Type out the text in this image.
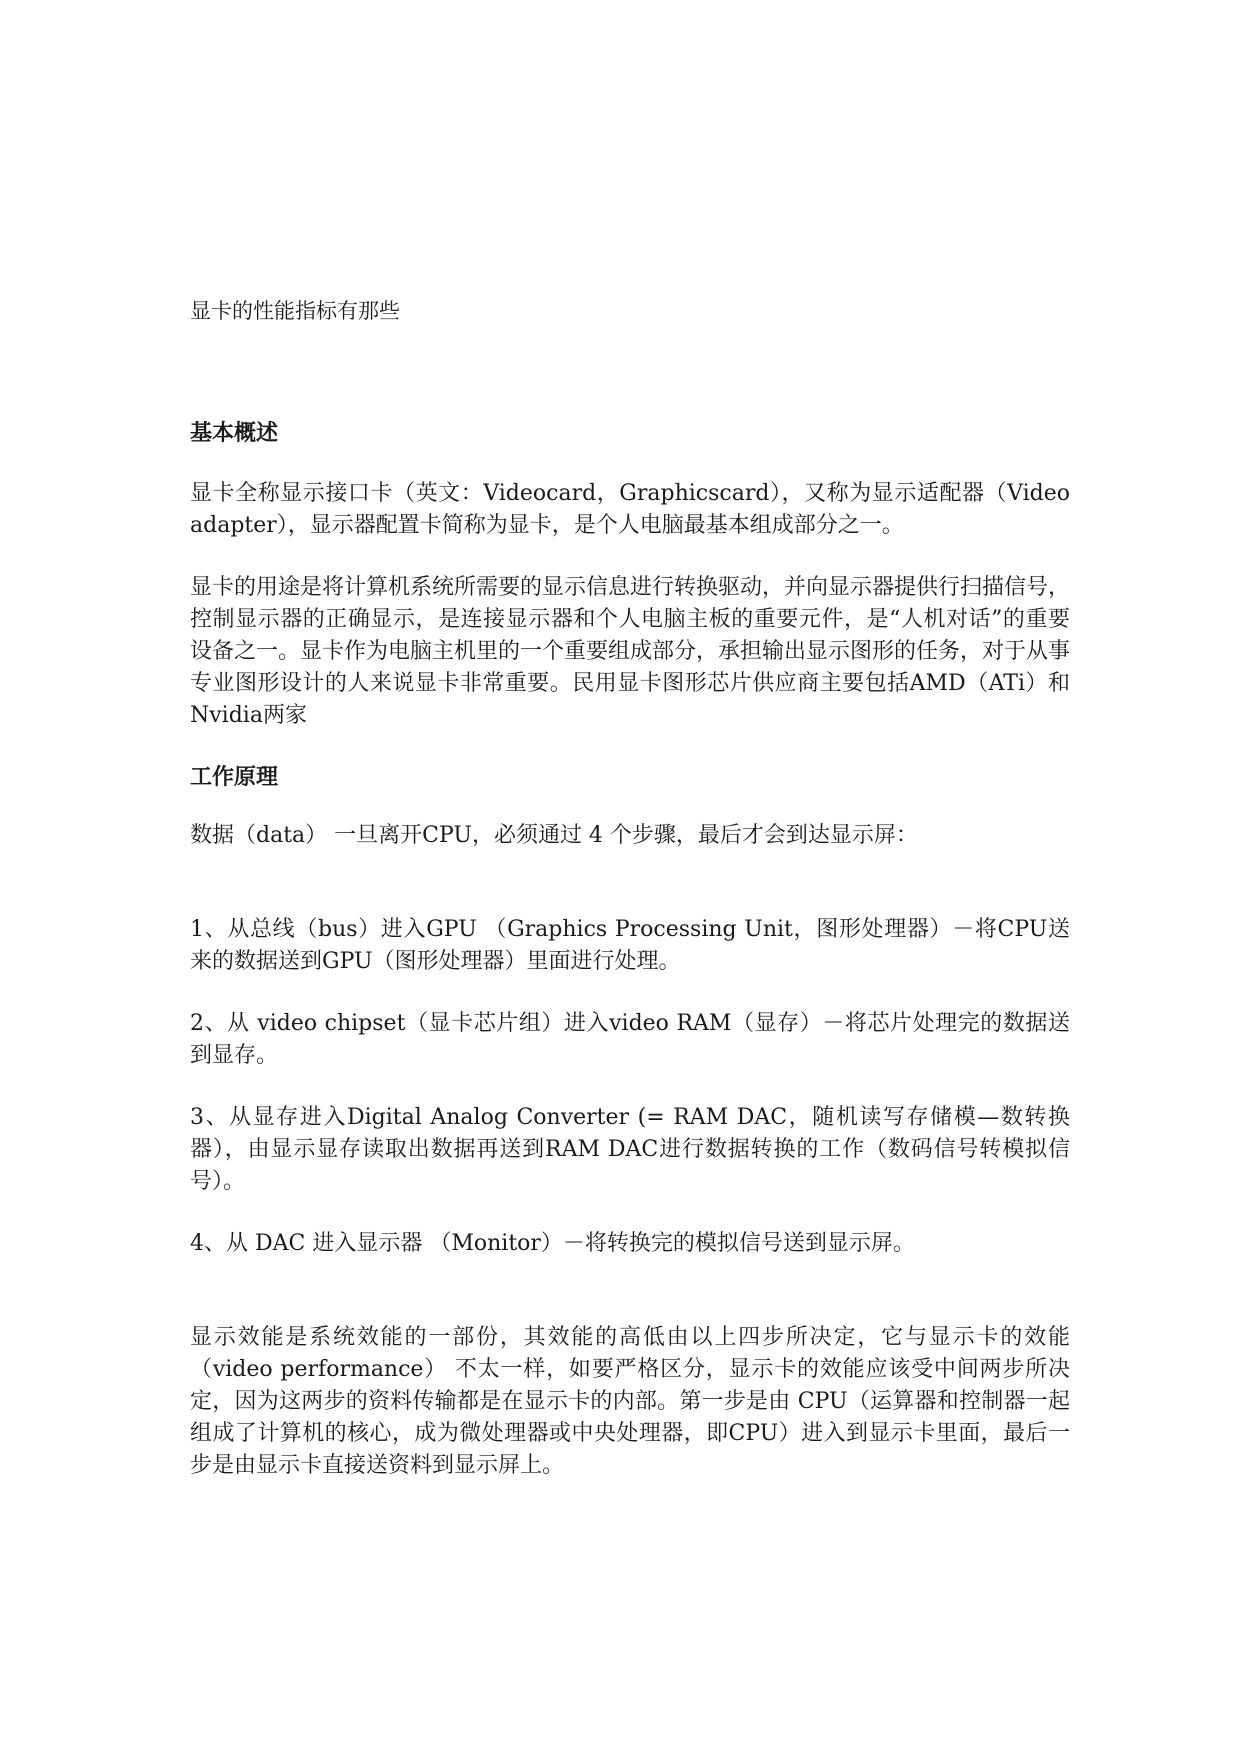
显卡的性能指标有那些
基本概述

显卡全称显示接口卡（英文：Videocard，Graphicscard），又称为显示适配器（Video adapter），显示器配置卡简称为显卡，是个人电脑最基本组成部分之一。

显卡的用途是将计算机系统所需要的显示信息进行转换驱动，并向显示器提供行扫描信号，控制显示器的正确显示，是连接显示器和个人电脑主板的重要元件，是“人机对话”的重要设备之一。显卡作为电脑主机里的一个重要组成部分，承担输出显示图形的任务，对于从事专业图形设计的人来说显卡非常重要。民用显卡图形芯片供应商主要包括AMD（ATi）和Nvidia两家

工作原理

数据（data） 一旦离开CPU，必须通过 4 个步骤，最后才会到达显示屏：

1、从总线（bus）进入GPU （Graphics Processing Unit，图形处理器）－将CPU送来的数据送到GPU（图形处理器）里面进行处理。

2、从 video chipset（显卡芯片组）进入video RAM（显存）－将芯片处理完的数据送到显存。

3、从显存进入Digital Analog Converter (= RAM DAC，随机读写存储模—数转换器），由显示显存读取出数据再送到RAM DAC进行数据转换的工作（数码信号转模拟信号）。

4、从 DAC 进入显示器 （Monitor）－将转换完的模拟信号送到显示屏。

显示效能是系统效能的一部份，其效能的高低由以上四步所决定，它与显示卡的效能（video performance） 不太一样，如要严格区分，显示卡的效能应该受中间两步所决定，因为这两步的资料传输都是在显示卡的内部。第一步是由 CPU（运算器和控制器一起组成了计算机的核心，成为微处理器或中央处理器，即CPU）进入到显示卡里面，最后一步是由显示卡直接送资料到显示屏上。
